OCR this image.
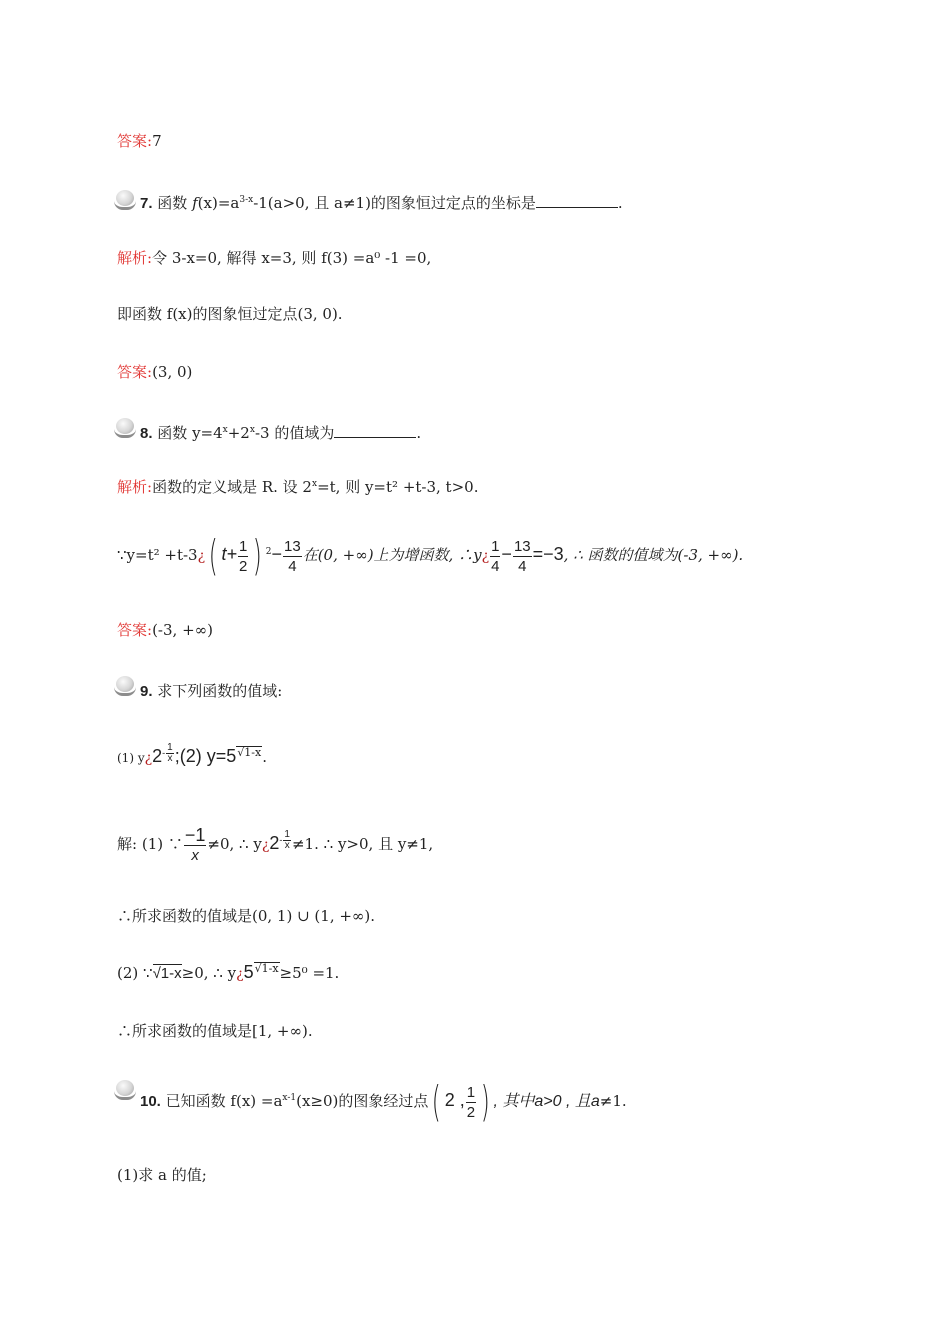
答案:7
7. 函数 $f(x)=a^{3-x}-1(a>0$, 且 a≠1)的图象恒过定点的坐标是	.
解析:令 3-x=0, 解得 x=3, 则 f(3) =a⁰ -1 =0,
即函数 f(x)的图象恒过定点(3, 0).
答案:(3, 0)
8. 函数 $y=4^x+2^x-3$ 的值域为	.
解析:函数的定义域是 R. 设 $2^x=t$, 则 y=t² +t-3, t>0.
∵y=t² +t-3¿( $t+ \frac{1}{2}$ ) $^2- \frac{13}{4}$ 在(0, +∞)上为增函数, ∴y¿ $\frac{1}{4} - \frac{13}{4} =-3$, ∴ 函数的值域为(-3, +∞).
答案:(-3, +∞)
9. 求下列函数的值域:
(1) $y¿2^{- \frac{1}{x}}$ ;(2) $y=5^{√1-x}$.
解: (1) ∵ $\frac{-1}{x} \ne 0$, ∴ $y¿2^{- \frac{1}{x}} \ne 1$. ∴ y>0, 且 y≠1,
∴所求函数的值域是(0, 1) ∪ (1, +∞).
(2) ∵√1-x≥0, ∴ $y¿5^{√1-x}\ge 5^0 =1$.
∴所求函数的值域是[1, +∞).
10. 已知函数 $f(x) =a^{x-1}(x\ge 0)$的图象经过点( 2 , $\frac{1}{2}$ ) , 其中a>0 , 且a≠1.
(1)求 a 的值;
